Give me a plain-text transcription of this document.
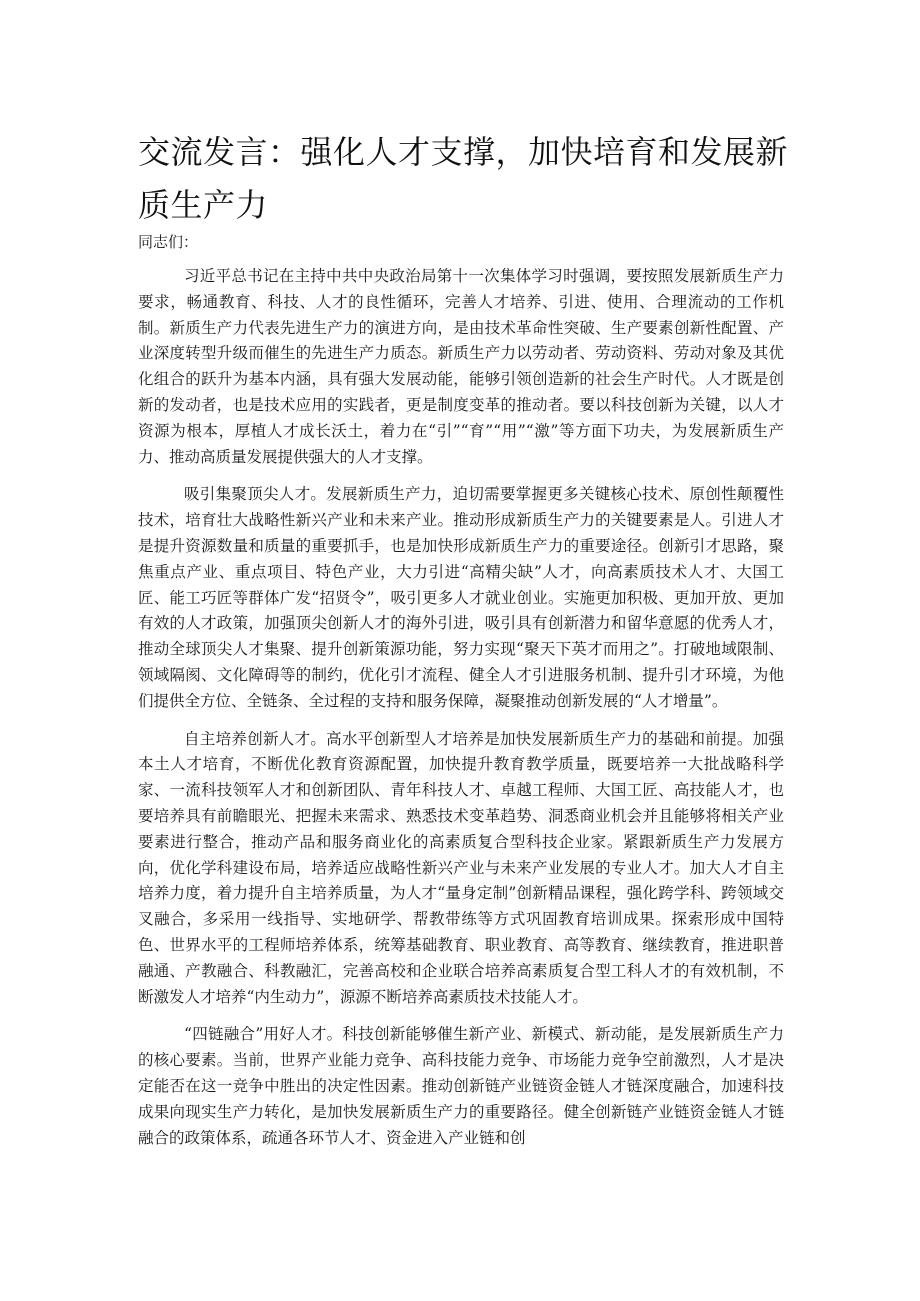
交流发言：强化人才支撑，加快培育和发展新质生产力

同志们：

习近平总书记在主持中共中央政治局第十一次集体学习时强调，要按照发展新质生产力要求，畅通教育、科技、人才的良性循环，完善人才培养、引进、使用、合理流动的工作机制。新质生产力代表先进生产力的演进方向，是由技术革命性突破、生产要素创新性配置、产业深度转型升级而催生的先进生产力质态。新质生产力以劳动者、劳动资料、劳动对象及其优化组合的跃升为基本内涵，具有强大发展动能，能够引领创造新的社会生产时代。人才既是创新的发动者，也是技术应用的实践者，更是制度变革的推动者。要以科技创新为关键，以人才资源为根本，厚植人才成长沃土，着力在“引”“育”“用”“激”等方面下功夫，为发展新质生产力、推动高质量发展提供强大的人才支撑。

吸引集聚顶尖人才。发展新质生产力，迫切需要掌握更多关键核心技术、原创性颠覆性技术，培育壮大战略性新兴产业和未来产业。推动形成新质生产力的关键要素是人。引进人才是提升资源数量和质量的重要抓手，也是加快形成新质生产力的重要途径。创新引才思路，聚焦重点产业、重点项目、特色产业，大力引进“高精尖缺”人才，向高素质技术人才、大国工匠、能工巧匠等群体广发“招贤令”，吸引更多人才就业创业。实施更加积极、更加开放、更加有效的人才政策，加强顶尖创新人才的海外引进，吸引具有创新潜力和留华意愿的优秀人才，推动全球顶尖人才集聚、提升创新策源功能，努力实现“聚天下英才而用之”。打破地域限制、领域隔阂、文化障碍等的制约，优化引才流程、健全人才引进服务机制、提升引才环境，为他们提供全方位、全链条、全过程的支持和服务保障，凝聚推动创新发展的“人才增量”。

自主培养创新人才。高水平创新型人才培养是加快发展新质生产力的基础和前提。加强本土人才培育，不断优化教育资源配置，加快提升教育教学质量，既要培养一大批战略科学家、一流科技领军人才和创新团队、青年科技人才、卓越工程师、大国工匠、高技能人才，也要培养具有前瞻眼光、把握未来需求、熟悉技术变革趋势、洞悉商业机会并且能够将相关产业要素进行整合，推动产品和服务商业化的高素质复合型科技企业家。紧跟新质生产力发展方向，优化学科建设布局，培养适应战略性新兴产业与未来产业发展的专业人才。加大人才自主培养力度，着力提升自主培养质量，为人才“量身定制”创新精品课程，强化跨学科、跨领域交叉融合，多采用一线指导、实地研学、帮教带练等方式巩固教育培训成果。探索形成中国特色、世界水平的工程师培养体系，统筹基础教育、职业教育、高等教育、继续教育，推进职普融通、产教融合、科教融汇，完善高校和企业联合培养高素质复合型工科人才的有效机制，不断激发人才培养“内生动力”，源源不断培养高素质技术技能人才。

“四链融合”用好人才。科技创新能够催生新产业、新模式、新动能，是发展新质生产力的核心要素。当前，世界产业能力竞争、高科技能力竞争、市场能力竞争空前激烈，人才是决定能否在这一竞争中胜出的决定性因素。推动创新链产业链资金链人才链深度融合，加速科技成果向现实生产力转化，是加快发展新质生产力的重要路径。健全创新链产业链资金链人才链融合的政策体系，疏通各环节人才、资金进入产业链和创
